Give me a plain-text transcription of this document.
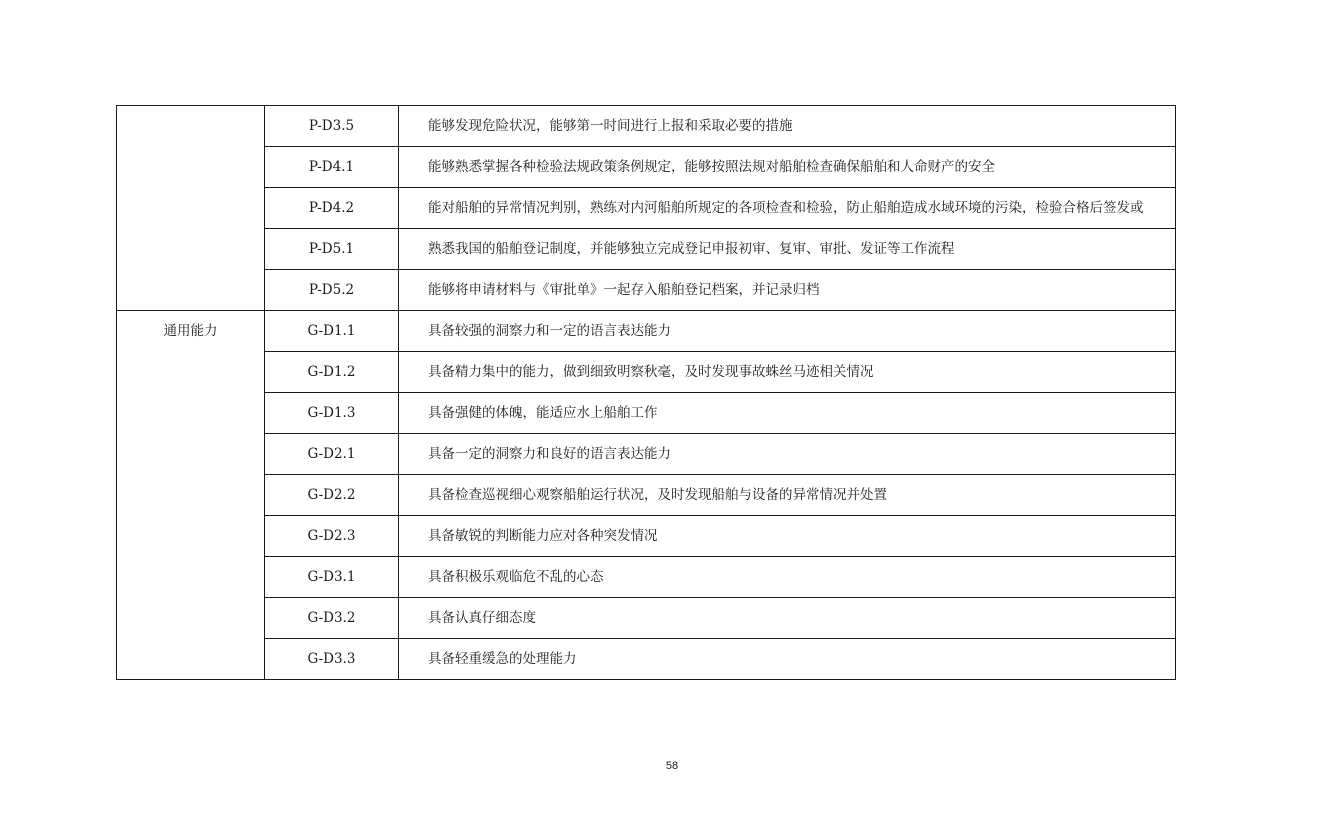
	P-D3.5	能够发现危险状况，能够第一时间进行上报和采取必要的措施
	P-D4.1	能够熟悉掌握各种检验法规政策条例规定，能够按照法规对船舶检查确保船舶和人命财产的安全
	P-D4.2	能对船舶的异常情况判别，熟练对内河船舶所规定的各项检查和检验，防止船舶造成水域环境的污染，检验合格后签发或
	P-D5.1	熟悉我国的船舶登记制度，并能够独立完成登记申报初审、复审、审批、发证等工作流程
	P-D5.2	能够将申请材料与《审批单》一起存入船舶登记档案，并记录归档
通用能力	G-D1.1	具备较强的洞察力和一定的语言表达能力
	G-D1.2	具备精力集中的能力，做到细致明察秋毫，及时发现事故蛛丝马迹相关情况
	G-D1.3	具备强健的体魄，能适应水上船舶工作
	G-D2.1	具备一定的洞察力和良好的语言表达能力
	G-D2.2	具备检查巡视细心观察船舶运行状况，及时发现船舶与设备的异常情况并处置
	G-D2.3	具备敏锐的判断能力应对各种突发情况
	G-D3.1	具备积极乐观临危不乱的心态
	G-D3.2	具备认真仔细态度
	G-D3.3	具备轻重缓急的处理能力
58
